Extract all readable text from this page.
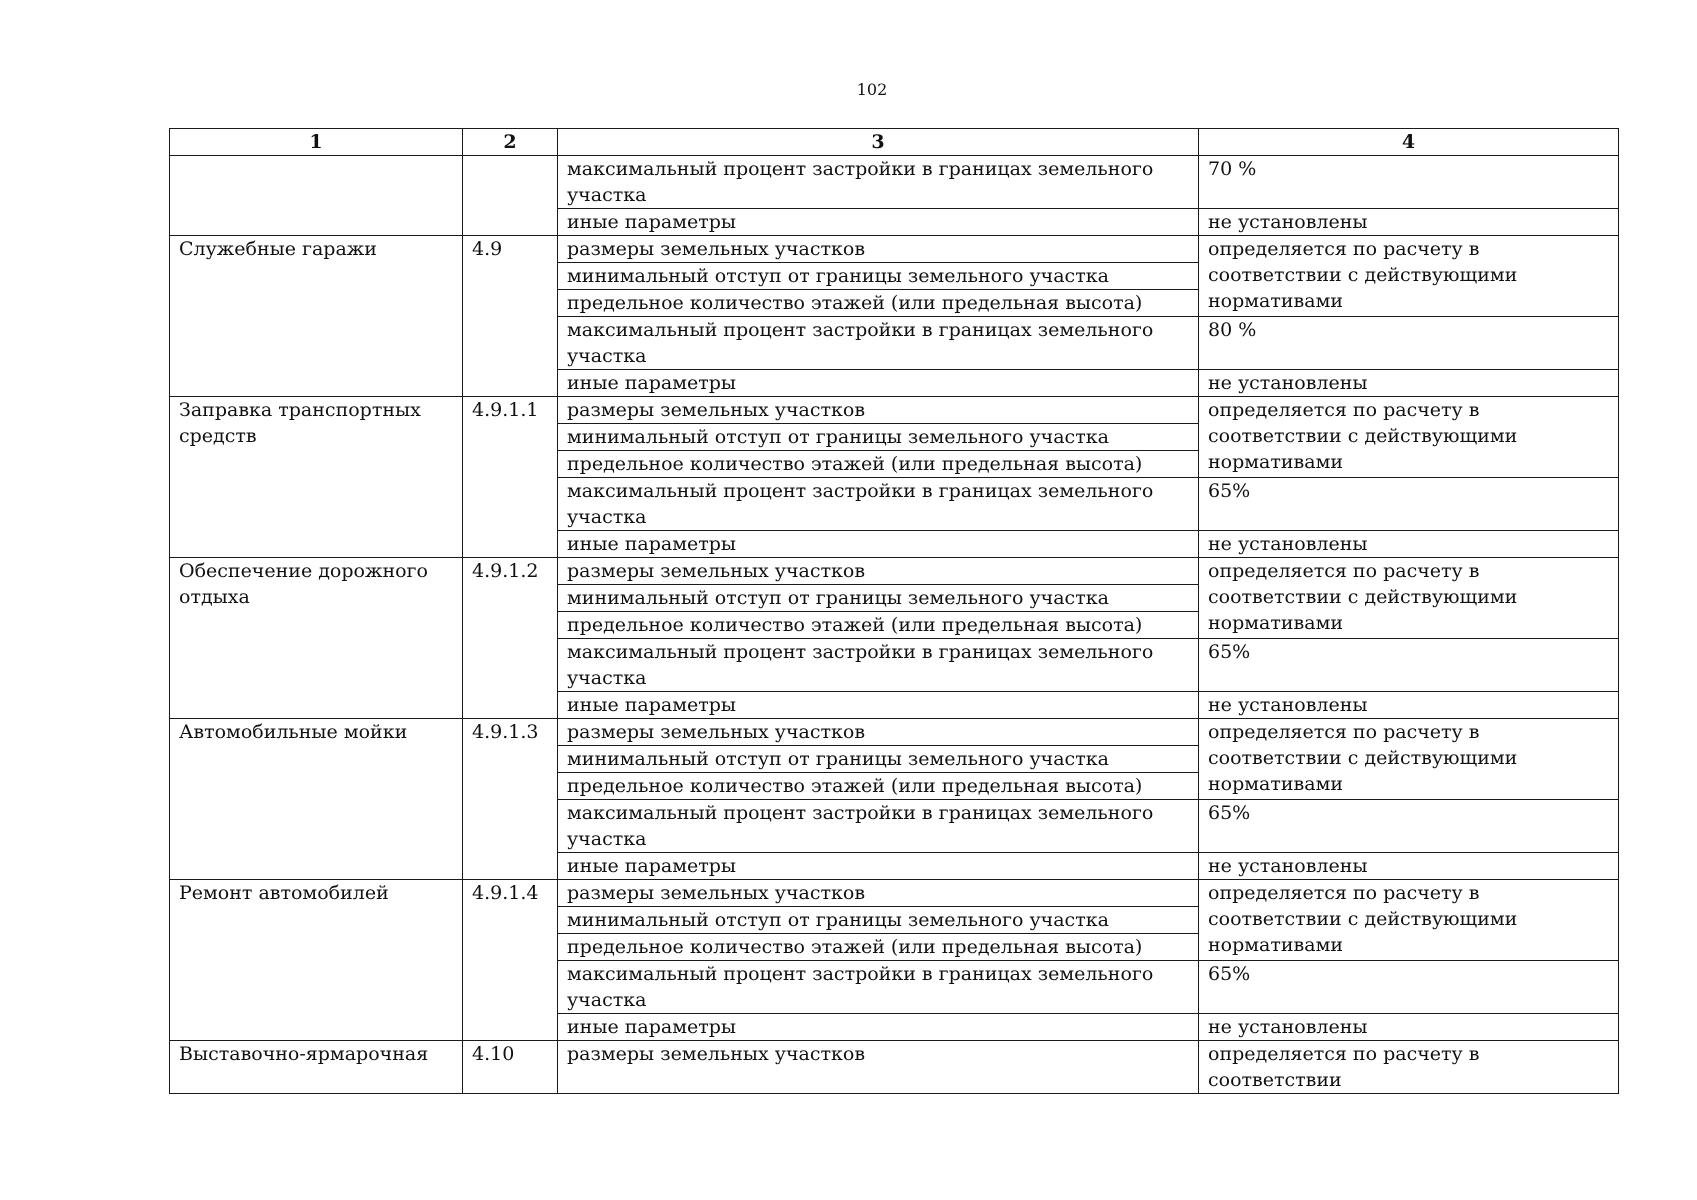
102
1	2	3	4
		максимальный процент застройки в границах земельного участка	70 %
		иные параметры	не установлены
Служебные гаражи	4.9	размеры земельных участков	определяется по расчету в соответствии с действующими нормативами
		минимальный отступ от границы земельного участка	
		предельное количество этажей (или предельная высота)	
		максимальный процент застройки в границах земельного участка	80 %
		иные параметры	не установлены
Заправка транспортных средств	4.9.1.1	размеры земельных участков	определяется по расчету в соответствии с действующими нормативами
		минимальный отступ от границы земельного участка	
		предельное количество этажей (или предельная высота)	
		максимальный процент застройки в границах земельного участка	65%
		иные параметры	не установлены
Обеспечение дорожного отдыха	4.9.1.2	размеры земельных участков	определяется по расчету в соответствии с действующими нормативами
		минимальный отступ от границы земельного участка	
		предельное количество этажей (или предельная высота)	
		максимальный процент застройки в границах земельного участка	65%
		иные параметры	не установлены
Автомобильные мойки	4.9.1.3	размеры земельных участков	определяется по расчету в соответствии с действующими нормативами
		минимальный отступ от границы земельного участка	
		предельное количество этажей (или предельная высота)	
		максимальный процент застройки в границах земельного участка	65%
		иные параметры	не установлены
Ремонт автомобилей	4.9.1.4	размеры земельных участков	определяется по расчету в соответствии с действующими нормативами
		минимальный отступ от границы земельного участка	
		предельное количество этажей (или предельная высота)	
		максимальный процент застройки в границах земельного участка	65%
		иные параметры	не установлены
Выставочно-ярмарочная	4.10	размеры земельных участков	определяется по расчету в соответствии
